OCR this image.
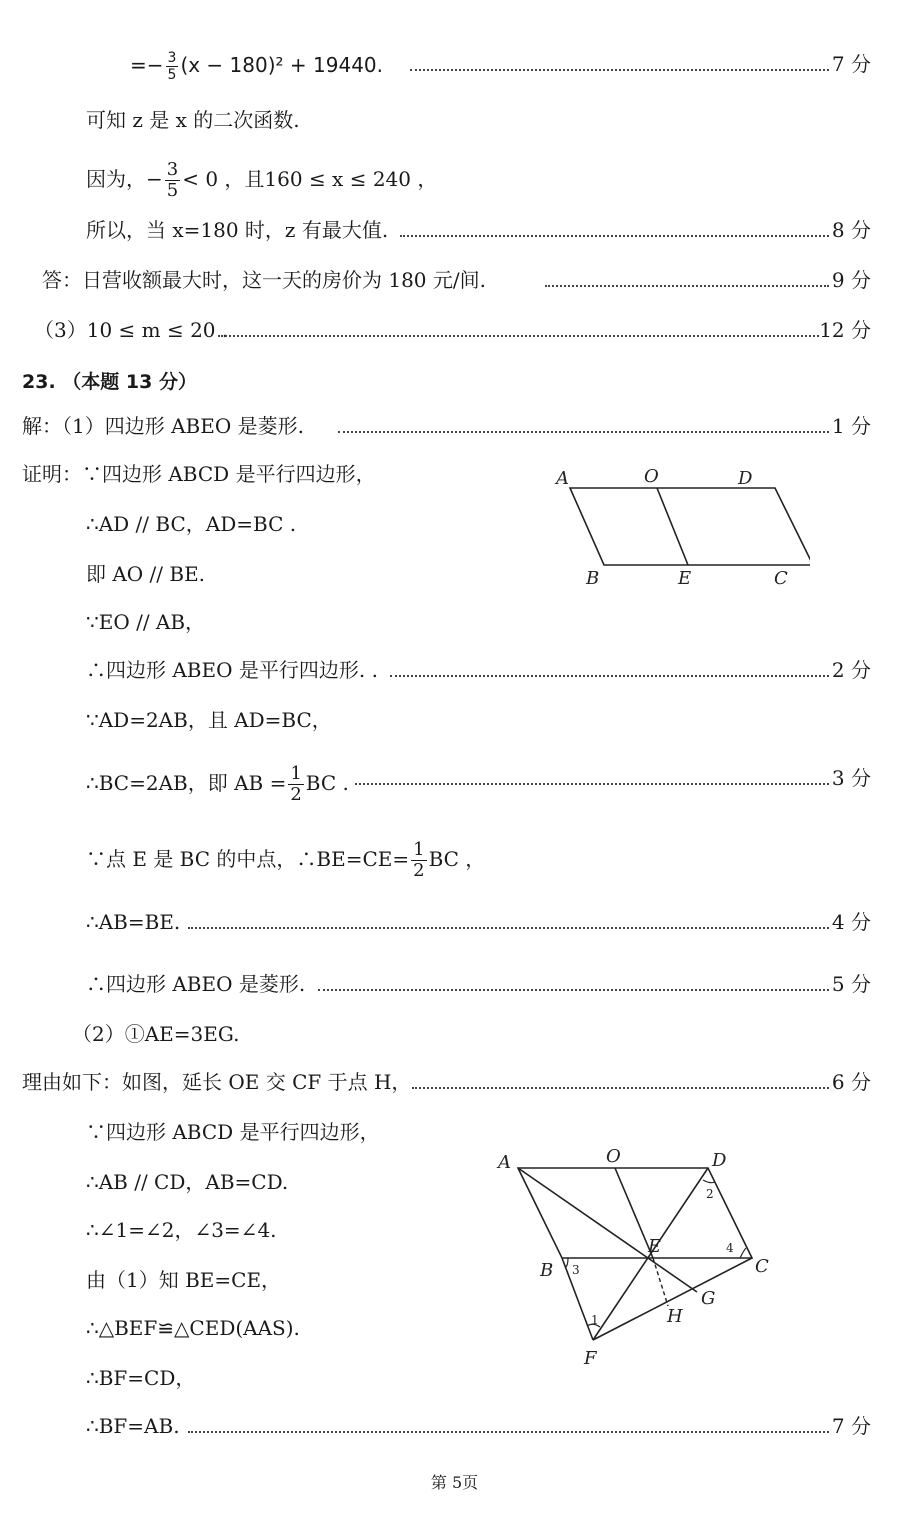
=− $\frac{3}{5} (x - 180)^2 + 19440$.	7 分
可知 z 是 x 的二次函数.
因为，− $\frac{3}{5} < 0$ ，且160 ≤ x ≤ 240 ，
所以，当 x=180 时，z 有最大值.	8 分
答：日营收额最大时，这一天的房价为 180 元/间.	9 分
（3）10 ≤ m ≤ 20 .	12 分
23. （本题 13 分）
解：（1）四边形 ABEO 是菱形.	1 分
证明：∵四边形 ABCD 是平行四边形，
∴AD // BC，AD=BC .
即 AO // BE.
∵EO // AB，
∴四边形 ABEO 是平行四边形. .	2 分
∵AD=2AB，且 AD=BC，
∴BC=2AB，即 AB = $\frac{1}{2}$ BC .	3 分
∵点 E 是 BC 的中点，∴BE=CE= $\frac{1}{2}$ BC ，
∴AB=BE.	4 分
∴四边形 ABEO 是菱形.	5 分
（2）①AE=3EG.
理由如下：如图，延长 OE 交 CF 于点 H，	6 分
∵四边形 ABCD 是平行四边形，
∴AB // CD，AB=CD.
∴∠1=∠2，∠3=∠4.
由（1）知 BE=CE，
∴△BEF≌△CED(AAS).
∴BF=CD，
∴BF=AB.	7 分
A	O	D
B	E	C
A	O	D
E
B	C
G
H
F
1
2
3
4
第 5页
